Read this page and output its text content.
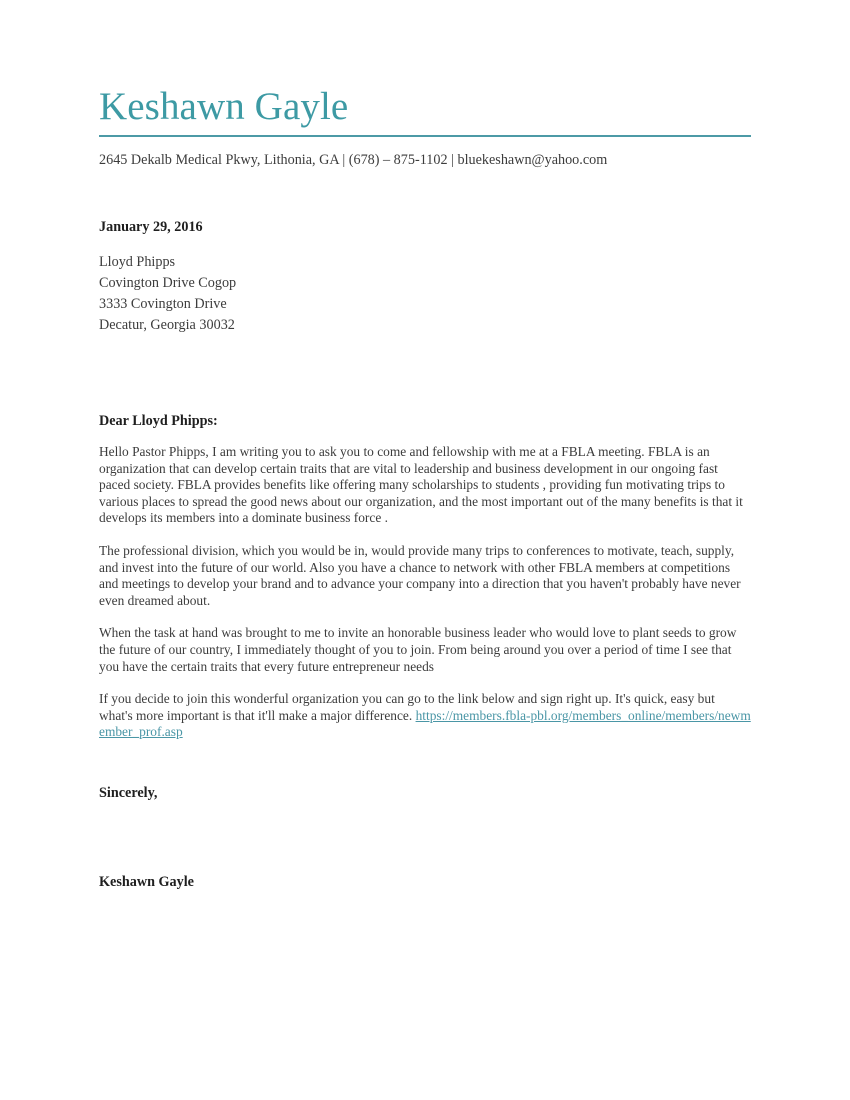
Keshawn Gayle
2645 Dekalb Medical Pkwy, Lithonia, GA | (678) – 875-1102 | bluekeshawn@yahoo.com
January 29, 2016
Lloyd Phipps
Covington Drive Cogop
3333 Covington Drive
Decatur, Georgia 30032
Dear Lloyd Phipps:

Hello Pastor Phipps, I am writing you to ask you to come and fellowship with me at a FBLA meeting. FBLA is an organization that can develop certain traits that are vital to leadership and business development in our ongoing fast paced society. FBLA provides benefits like offering many scholarships to students , providing fun motivating trips to various places to spread the good news about our organization, and the most important out of the many benefits is that it develops its members into a dominate business force .

The professional division, which you would be in, would provide many trips to conferences to motivate, teach, supply, and invest into the future of our world. Also you have a chance to network with other FBLA members at competitions and meetings to develop your brand and to advance your company into a direction that you haven't probably have never even dreamed about.

When the task at hand was brought to me to invite an honorable business leader who would love to plant seeds to grow the future of our country, I immediately thought of you to join. From being around you over a period of time I see that you have the certain traits that every future entrepreneur needs

If you decide to join this wonderful organization you can go to the link below and sign right up. It's quick, easy but what's more important is that it'll make a major difference. https://members.fbla-pbl.org/members_online/members/newmember_prof.asp

Sincerely,
Keshawn Gayle
